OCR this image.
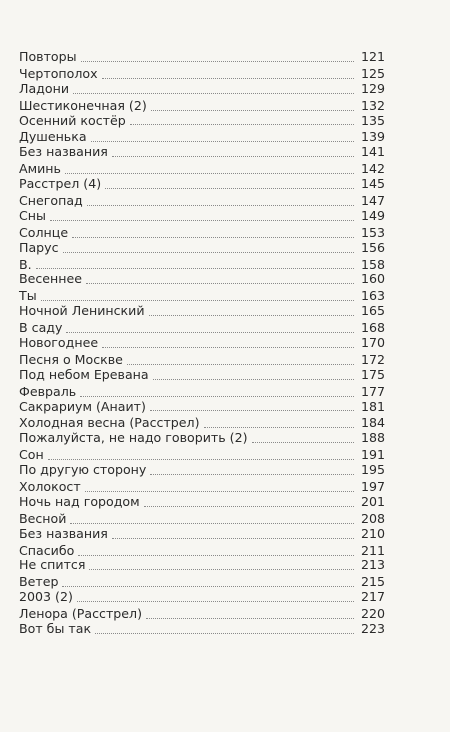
Повторы	121
Чертополох	125
Ладони	129
Шестиконечная (2)	132
Осенний костёр	135
Душенька	139
Без названия	141
Аминь	142
Расстрел (4)	145
Снегопад	147
Сны	149
Солнце	153
Парус	156
В.	158
Весеннее	160
Ты	163
Ночной Ленинский	165
В саду	168
Новогоднее	170
Песня о Москве	172
Под небом Еревана	175
Февраль	177
Сакрариум (Анаит)	181
Холодная весна (Расстрел)	184
Пожалуйста, не надо говорить (2)	188
Сон	191
По другую сторону	195
Холокост	197
Ночь над городом	201
Весной	208
Без названия	210
Спасибо	211
Не спится	213
Ветер	215
2003 (2)	217
Ленора (Расстрел)	220
Вот бы так	223
